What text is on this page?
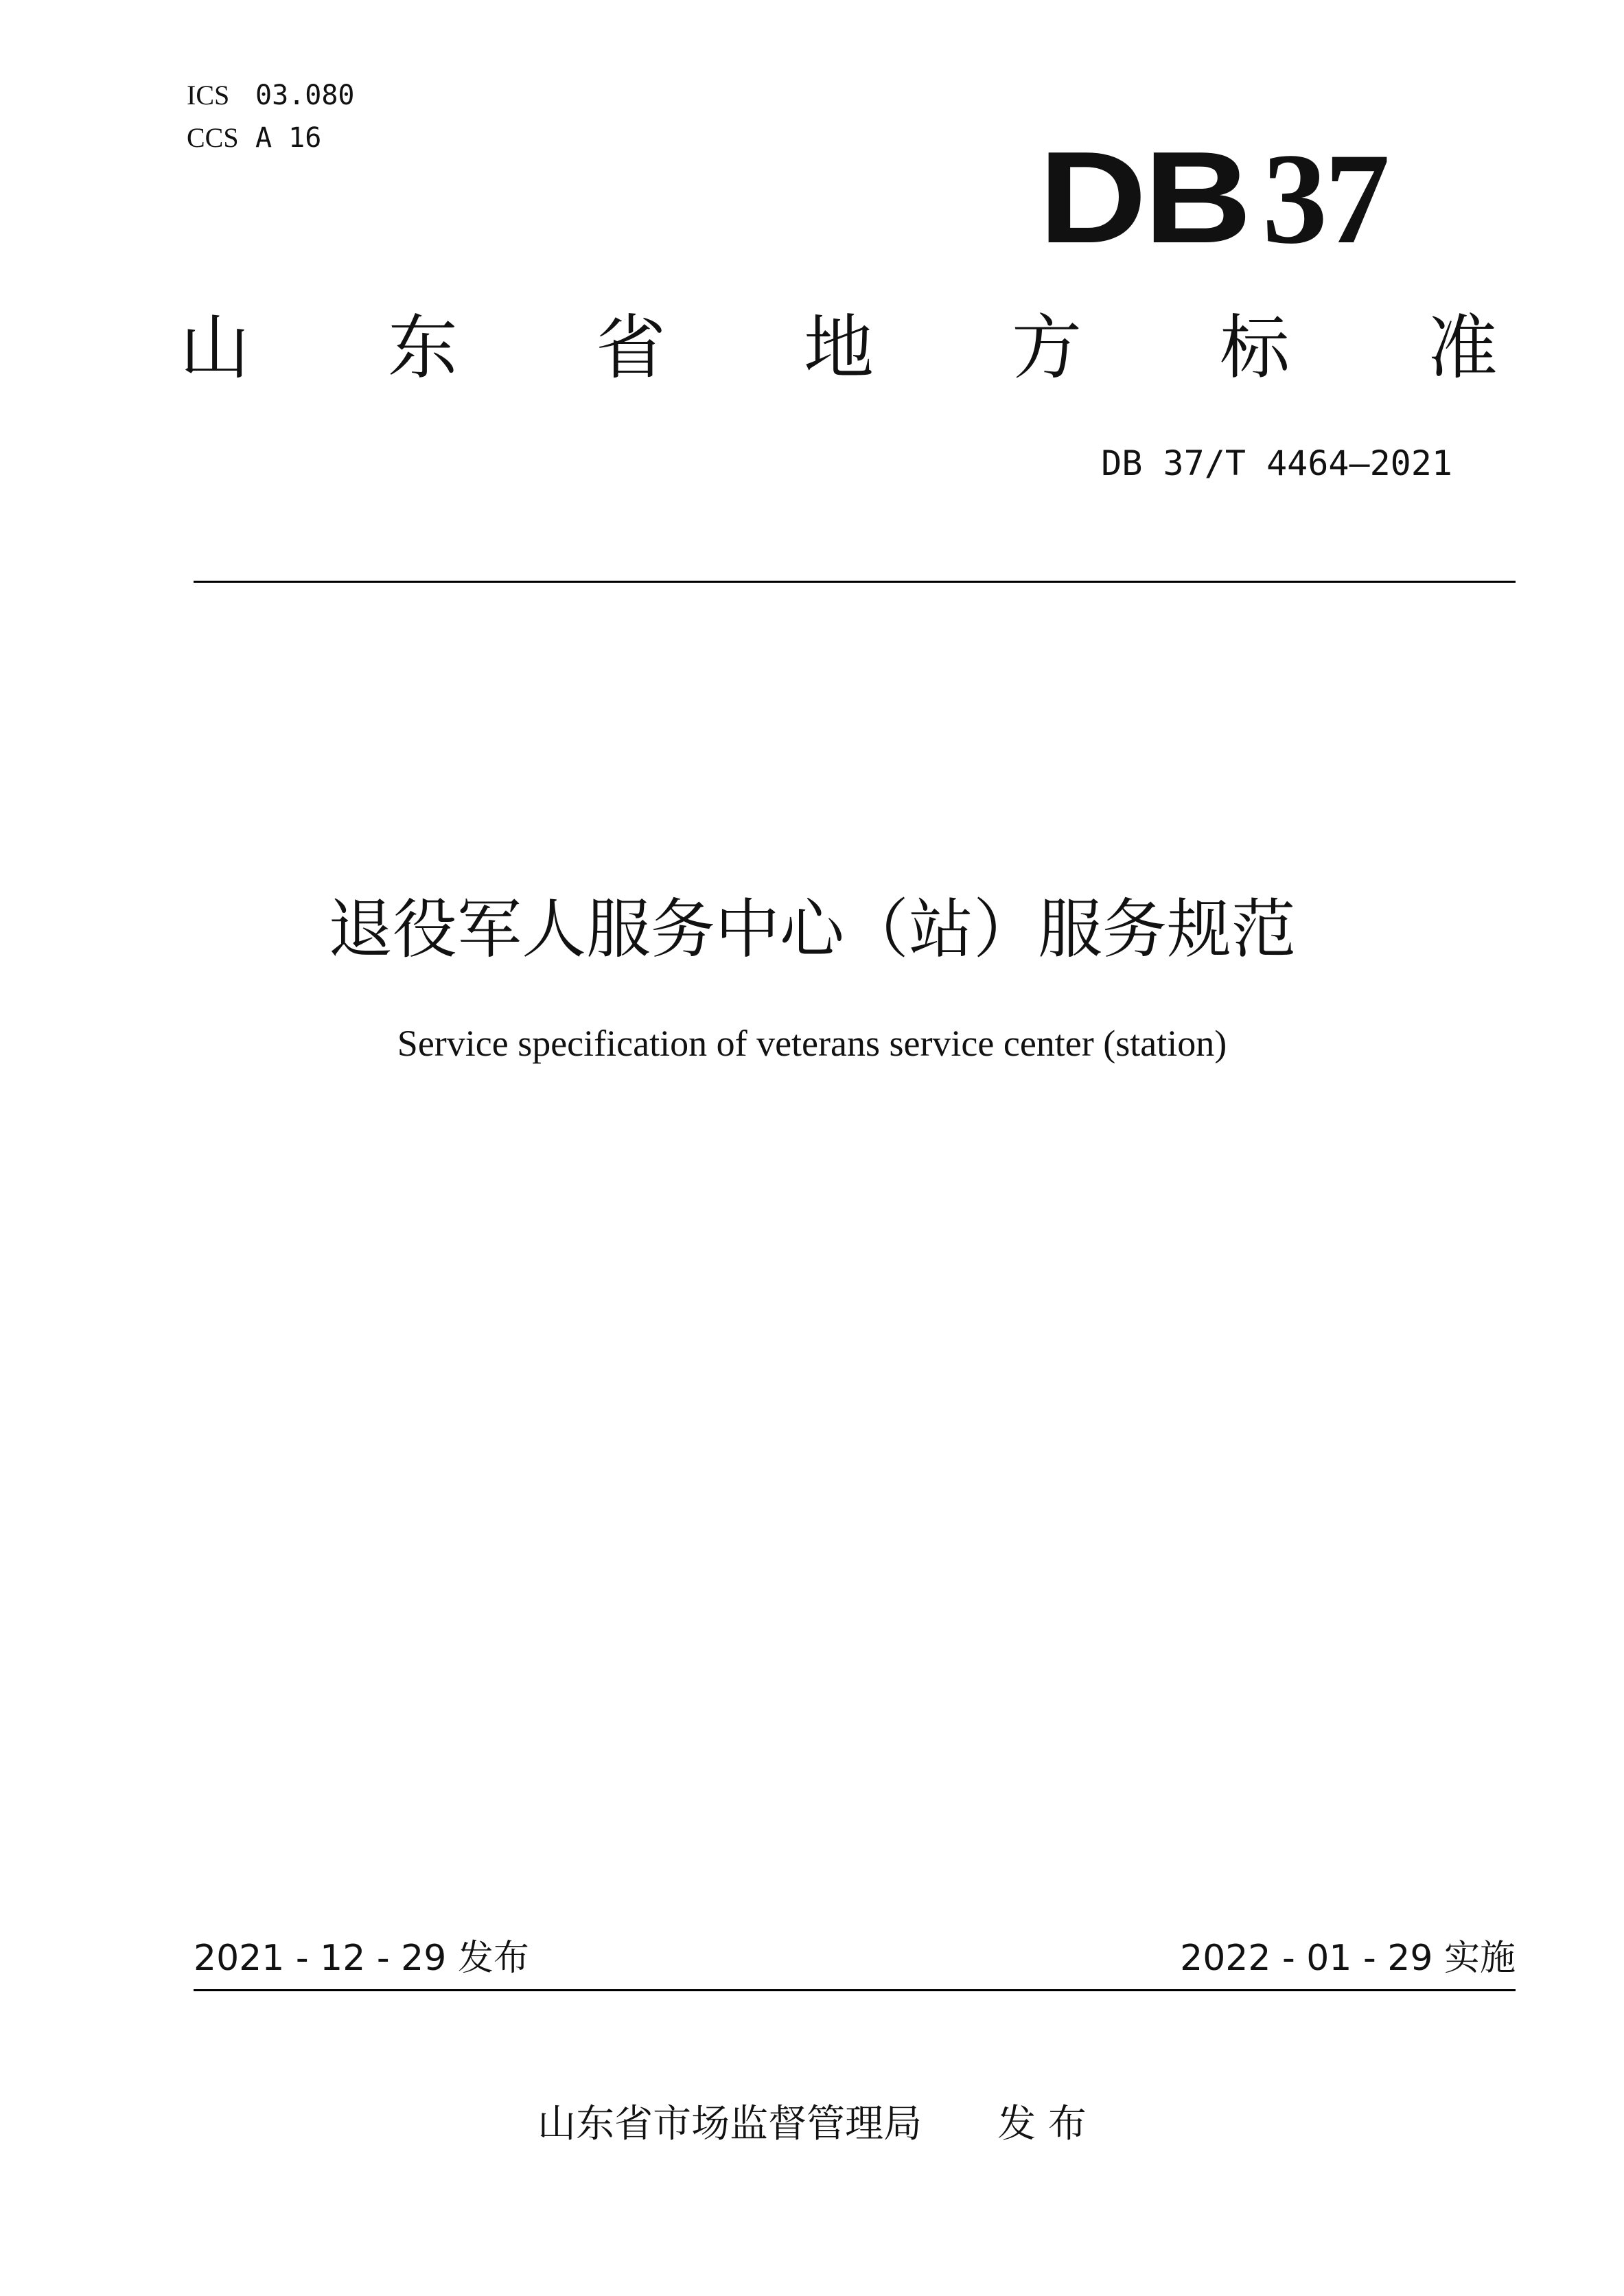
ICS 03.080
CCS A 16	DB 37
山 东 省 地 方 标 准
DB 37/T 4464—2021
退役军人服务中心（站）服务规范
Service specification of veterans service center (station)
2021 - 12 - 29 发布	2022 - 01 - 29 实施
山东省市场监督管理局 发 布
